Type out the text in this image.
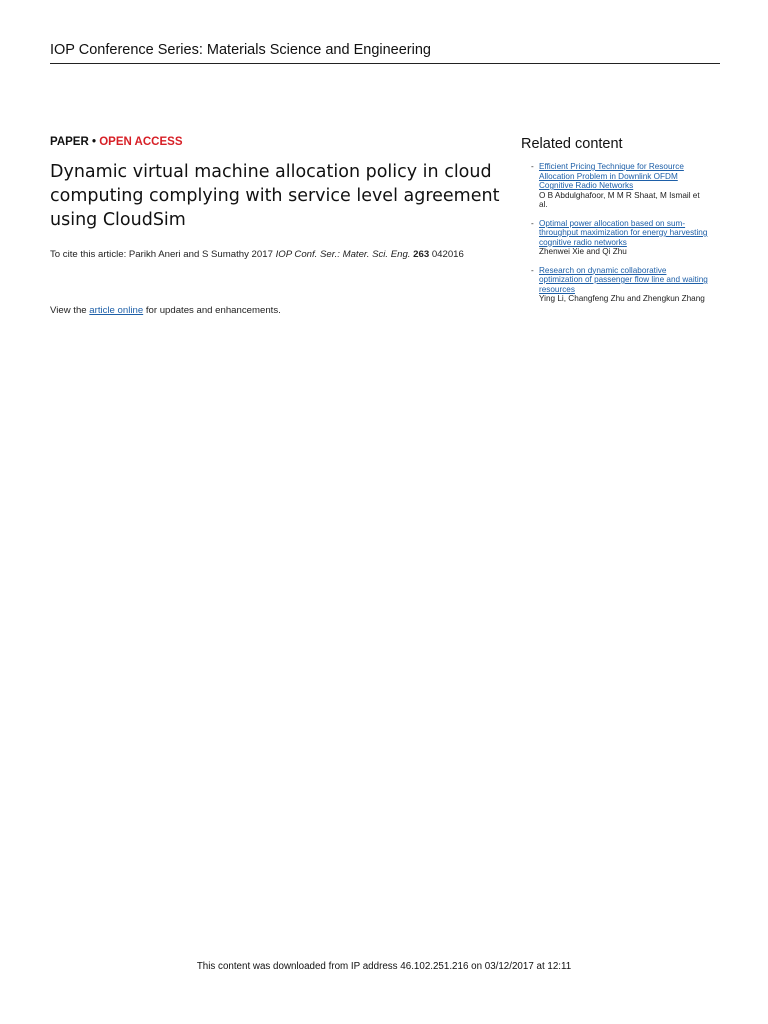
IOP Conference Series: Materials Science and Engineering
PAPER • OPEN ACCESS
Dynamic virtual machine allocation policy in cloud computing complying with service level agreement using CloudSim
To cite this article: Parikh Aneri and S Sumathy 2017 IOP Conf. Ser.: Mater. Sci. Eng. 263 042016
View the article online for updates and enhancements.
Related content
- Efficient Pricing Technique for Resource Allocation Problem in Downlink OFDM Cognitive Radio Networks
O B Abdulghafoor, M M R Shaat, M Ismail et al.
- Optimal power allocation based on sum-throughput maximization for energy harvesting cognitive radio networks
Zhenwei Xie and Qi Zhu
- Research on dynamic collaborative optimization of passenger flow line and waiting resources
Ying Li, Changfeng Zhu and Zhengkun Zhang
This content was downloaded from IP address 46.102.251.216 on 03/12/2017 at 12:11
